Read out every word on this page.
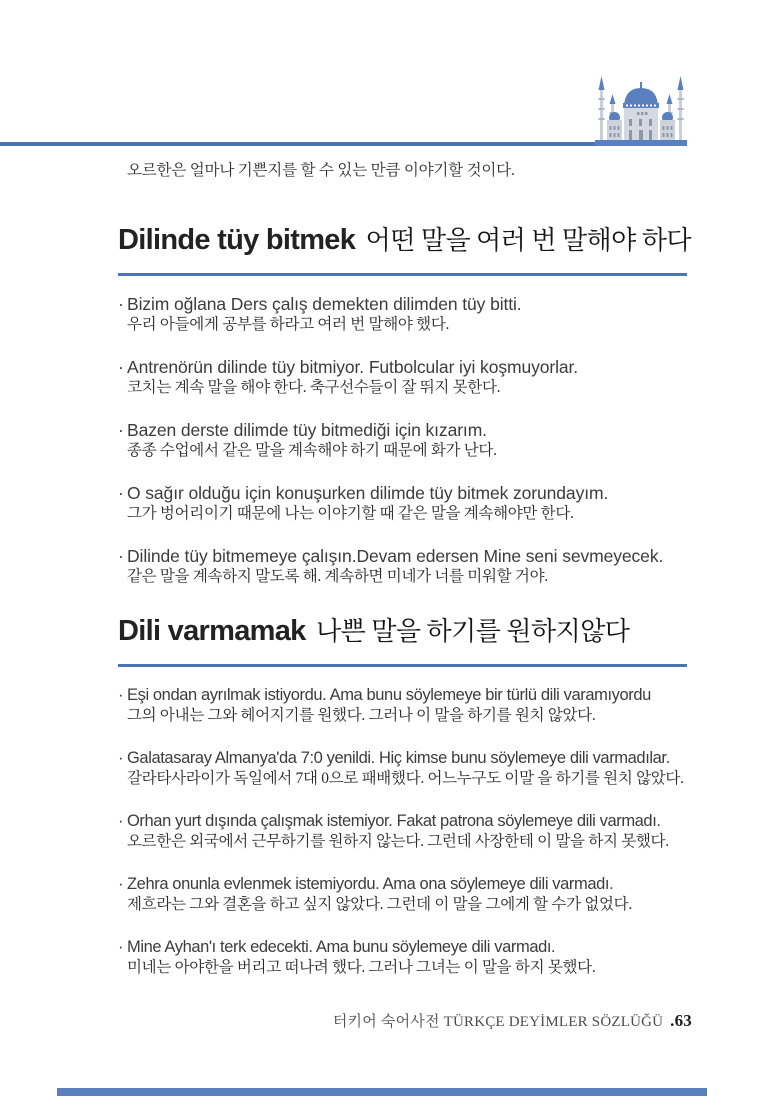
오르한은 얼마나 기쁜지를 할 수 있는 만큼 이야기할 것이다.
Dilinde tüy bitmek 어떤 말을 여러 번 말해야 하다
· Bizim oğlana Ders çalış demekten dilimden tüy bitti.
우리 아들에게 공부를 하라고 여러 번 말해야 했다.
· Antrenörün dilinde tüy bitmiyor. Futbolcular iyi koşmuyorlar.
코치는 계속 말을 해야 한다. 축구선수들이 잘 뛰지 못한다.
· Bazen derste dilimde tüy bitmediği için kızarım.
종종 수업에서 같은 말을 계속해야 하기 때문에 화가 난다.
· O sağır olduğu için konuşurken dilimde tüy bitmek zorundayım.
그가 벙어리이기 때문에 나는 이야기할 때 같은 말을 계속해야만 한다.
· Dilinde tüy bitmemeye çalışın.Devam edersen Mine seni sevmeyecek.
같은 말을 계속하지 말도록 해. 계속하면 미네가 너를 미워할 거야.
Dili varmamak 나쁜 말을 하기를 원하지않다
· Eşi ondan ayrılmak istiyordu. Ama bunu söylemeye bir türlü dili varamıyordu
그의 아내는 그와 헤어지기를 원했다. 그러나 이 말을 하기를 원치 않았다.
· Galatasaray Almanya'da 7:0 yenildi. Hiç kimse bunu söylemeye dili varmadılar.
갈라타사라이가 독일에서 7대 0으로 패배했다. 어느누구도 이말 을 하기를 원치 않았다.
· Orhan yurt dışında çalışmak istemiyor. Fakat patrona söylemeye dili varmadı.
오르한은 외국에서 근무하기를 원하지 않는다. 그런데 사장한테 이 말을 하지 못했다.
· Zehra onunla evlenmek istemiyordu. Ama ona söylemeye dili varmadı.
제흐라는 그와 결혼을 하고 싶지 않았다. 그런데 이 말을 그에게 할 수가 없었다.
· Mine Ayhan'ı terk edecekti. Ama bunu söylemeye dili varmadı.
미네는 아야한을 버리고 떠나려 했다. 그러나 그녀는 이 말을 하지 못했다.
터키어 숙어사전 TÜRKÇE DEYİMLER SÖZLÜĞÜ .63
